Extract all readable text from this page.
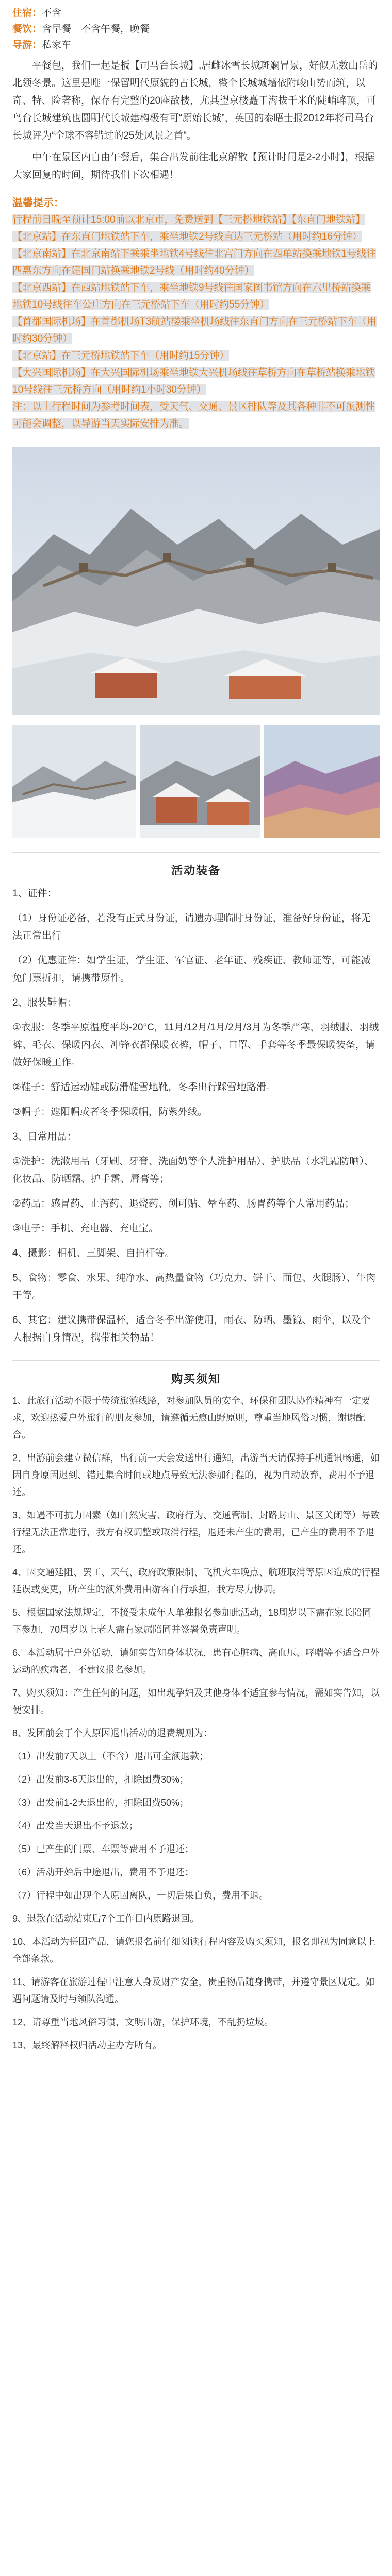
住宿：不含

餐饮：含早餐｜不含午餐，晚餐

导游：私家车

平餐包，我们一起是板【司马台长城】,居雌冰雪长城斑斓冒景，好似无数山岳的北领冬景。这里是唯一保留明代原貌的古长城，整个长城城墙依附峻山势而筑，以奇、特、险著称，保存有完整的20座敌楼，尤其望京楼矗于海拔千米的陡峭峰顶，可鸟台长城建筑也圆明代长城建构极有可“原始长城”，英国的泰晤士报2012年将司马台长城评为“全球不容错过的25处风景之首”。

中午在景区内自由午餐后，集合出发前往北京解散【预计时间是2-2小时】，根据大家回复的时间，期待我们下次相遇！

温馨提示：

行程前日晚至预计15:00前以北京市，免费送到【三元桥地铁站】【东直门地铁站】

【北京站】在东直门地铁站下车，乘坐地铁2号线直达三元桥站（用时约16分钟）

【北京南站】在北京南站下乘乘坐地铁4号线往北宫门方向在西单站换乘地铁1号线往四惠东方向在建国门站换乘地铁2号线（用时约40分钟）

【北京西站】在西站地铁站下车，乘坐地铁9号线往国家图书馆方向在六里桥站换乘地铁10号线往车公庄方向在三元桥站下车（用时约55分钟）

【首都国际机场】在首都机场T3航站楼乘坐机场线往东直门方向在三元桥站下车（用时约30分钟）

【北京站】在三元桥地铁站下车（用时约15分钟）

【大兴国际机场】在大兴国际机场乘坐地铁大兴机场线往草桥方向在草桥站换乘地铁10号线往三元桥方向（用时约1小时30分钟）

注：以上行程时间为参考时间表，受天气、交通、景区排队等及其各种非不可预测性可能会调整，以导游当天实际安排为准。

活动装备

1、证件：

（1）身份证必备，若没有正式身份证，请遗办理临时身份证，准备好身份证，将无法正常出行

（2）优惠证件：如学生证，学生证、军官证、老年证、残疾证、教师证等，可能减免门票折扣，请携带原件。

2、服装鞋帽：

①衣服：冬季平原温度平均-20°C，11月/12月/1月/2月/3月为冬季严寒，羽绒服、羽绒裤、毛衣、保暖内衣、冲锋衣都保暖衣裤，帽子、口罩、手套等冬季最保暖装备，请做好保暖工作。

②鞋子：舒适运动鞋或防滑鞋雪地靴，冬季出行踩雪地路滑。

③帽子：遮阳帽或者冬季保暖帽，防紫外线。

3、日常用品：

①洗护：洗漱用品（牙刷、牙膏、洗面奶等个人洗护用品）、护肤品（水乳霜防晒）、化妆品、防晒霜、护手霜、唇膏等；

②药品：感冒药、止泻药、退烧药、创可贴、晕车药、肠胃药等个人常用药品；

③电子：手机、充电器、充电宝。

4、摄影：相机、三脚架、自拍杆等。

5、食物：零食、水果、纯净水、高热量食物（巧克力、饼干、面包、火腿肠）、牛肉干等。

6、其它：建议携带保温杯，适合冬季出游使用，雨衣、防晒、墨镜、雨伞，以及个人根据自身情况，携带相关物品！

购买须知

1、此旅行活动不限于传统旅游线路，对参加队员的安全、环保和团队协作精神有一定要求，欢迎热爱户外旅行的朋友参加，请遵循无痕山野原则，尊重当地风俗习惯，谢谢配合。

2、出游前会建立微信群，出行前一天会发送出行通知，出游当天请保持手机通讯畅通，如因自身原因迟到、错过集合时间或地点导致无法参加行程的，视为自动放弃，费用不予退还。

3、如遇不可抗力因素（如自然灾害、政府行为、交通管制、封路封山、景区关闭等）导致行程无法正常进行，我方有权调整或取消行程，退还未产生的费用，已产生的费用不予退还。

4、因交通延阻、罢工、天气、政府政策限制、飞机火车晚点、航班取消等原因造成的行程延误或变更，所产生的额外费用由游客自行承担，我方尽力协调。

5、根据国家法规规定，不接受未成年人单独报名参加此活动，18周岁以下需在家长陪同下参加，70周岁以上老人需有家属陪同并签署免责声明。

6、本活动属于户外活动，请如实告知身体状况，患有心脏病、高血压、哮喘等不适合户外运动的疾病者，不建议报名参加。

7、购买须知：产生任何的问题，如出现孕妇及其他身体不适宜参与情况，需如实告知，以便安排。

8、发团前会于个人原因退出活动的退费规则为：

（1）出发前7天以上（不含）退出可全额退款；

（2）出发前3-6天退出的，扣除团费30%；

（3）出发前1-2天退出的，扣除团费50%；

（4）出发当天退出不予退款；

（5）已产生的门票、车票等费用不予退还；

（6）活动开始后中途退出，费用不予退还；

（7）行程中如出现个人原因离队，一切后果自负，费用不退。

9、退款在活动结束后7个工作日内原路退回。

10、本活动为拼团产品，请您报名前仔细阅读行程内容及购买须知，报名即视为同意以上全部条款。

11、请游客在旅游过程中注意人身及财产安全，贵重物品随身携带，并遵守景区规定。如遇问题请及时与领队沟通。

12、请尊重当地风俗习惯，文明出游，保护环境，不乱扔垃圾。

13、最终解释权归活动主办方所有。
